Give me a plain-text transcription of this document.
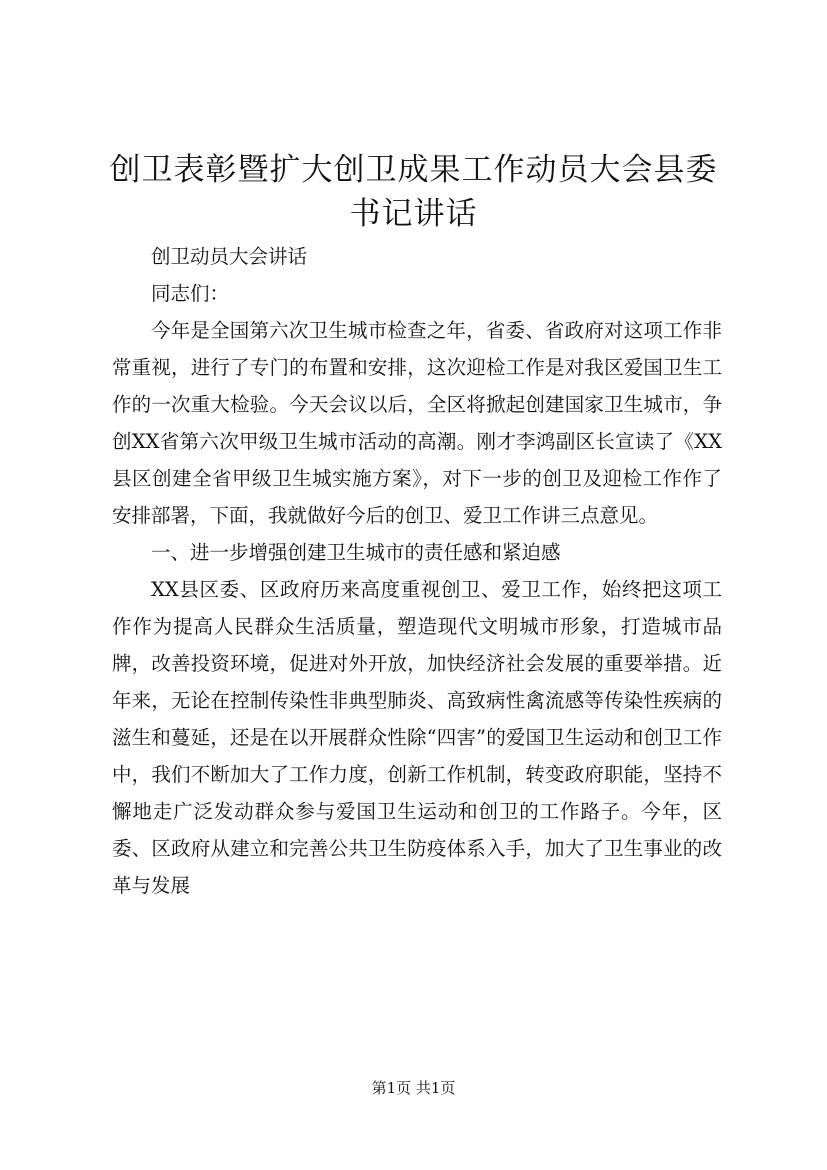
创卫表彰暨扩大创卫成果工作动员大会县委书记讲话

创卫动员大会讲话

同志们：

今年是全国第六次卫生城市检查之年，省委、省政府对这项工作非常重视，进行了专门的布置和安排，这次迎检工作是对我区爱国卫生工作的一次重大检验。今天会议以后，全区将掀起创建国家卫生城市，争创XX省第六次甲级卫生城市活动的高潮。刚才李鸿副区长宣读了《XX县区创建全省甲级卫生城实施方案》，对下一步的创卫及迎检工作作了安排部署，下面，我就做好今后的创卫、爱卫工作讲三点意见。

一、进一步增强创建卫生城市的责任感和紧迫感

XX县区委、区政府历来高度重视创卫、爱卫工作，始终把这项工作作为提高人民群众生活质量，塑造现代文明城市形象，打造城市品牌，改善投资环境，促进对外开放，加快经济社会发展的重要举措。近年来，无论在控制传染性非典型肺炎、高致病性禽流感等传染性疾病的滋生和蔓延，还是在以开展群众性除“四害”的爱国卫生运动和创卫工作中，我们不断加大了工作力度，创新工作机制，转变政府职能，坚持不懈地走广泛发动群众参与爱国卫生运动和创卫的工作路子。今年，区委、区政府从建立和完善公共卫生防疫体系入手，加大了卫生事业的改革与发展

第1页 共1页
